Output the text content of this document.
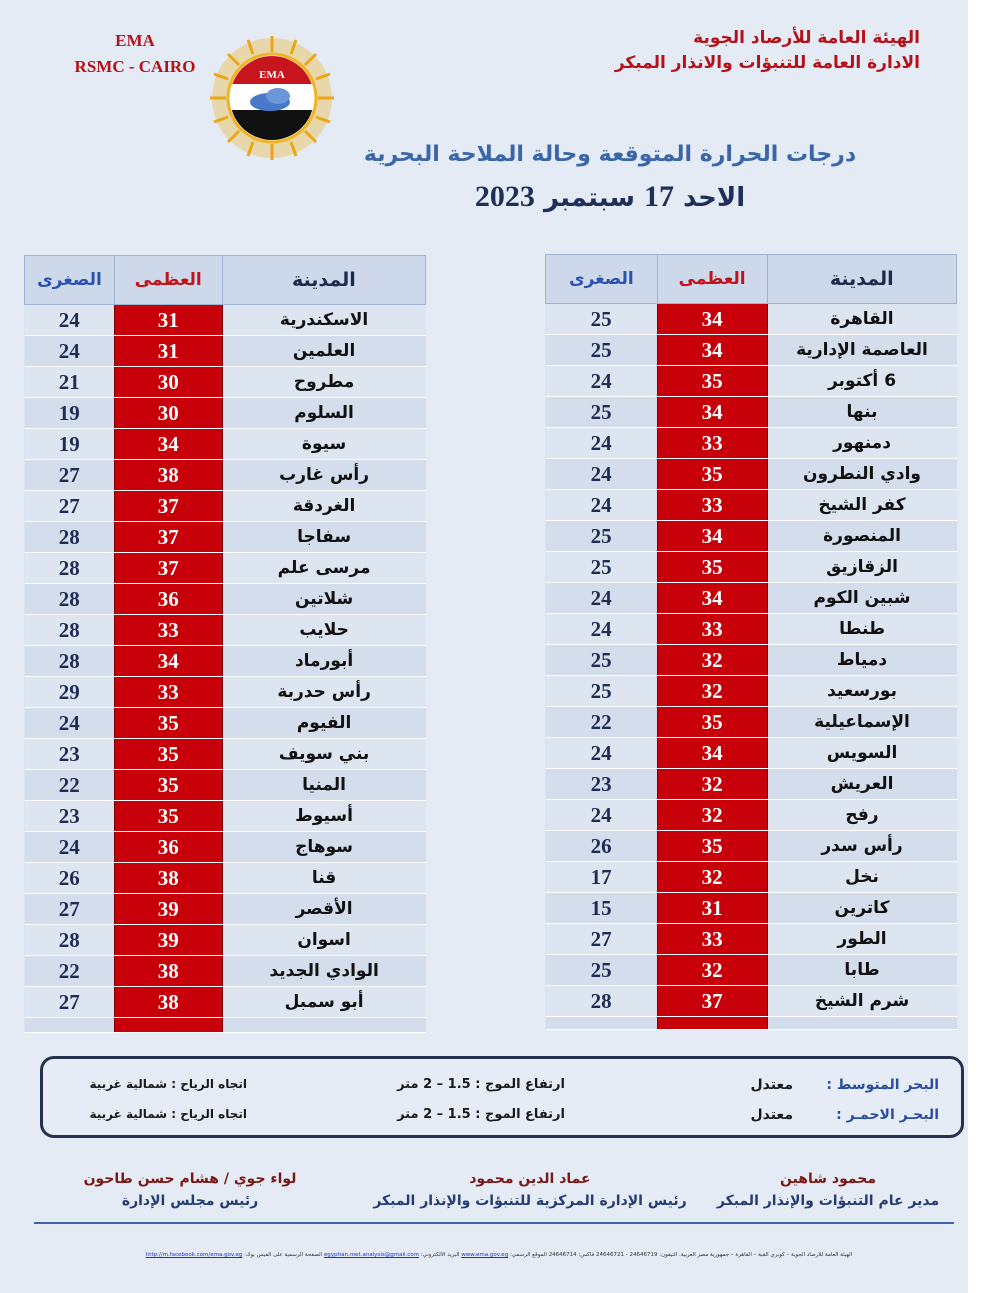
EMA
RSMC - CAIRO	EMA
الهيئة العامة للأرصاد الجوية
الادارة العامة للتنبؤات والانذار المبكر
درجات الحرارة المتوقعة وحالة الملاحة البحرية
الاحد 17 سبتمبر 2023
المدينة	العظمى	الصغرى
القاهرة	34	25
العاصمة الإدارية	34	25
6 أكتوبر	35	24
بنها	34	25
دمنهور	33	24
وادي النطرون	35	24
كفر الشيخ	33	24
المنصورة	34	25
الزقازيق	35	25
شبين الكوم	34	24
طنطا	33	24
دمياط	32	25
بورسعيد	32	25
الإسماعيلية	35	22
السويس	34	24
العريش	32	23
رفح	32	24
رأس سدر	35	26
نخل	32	17
كاترين	31	15
الطور	33	27
طابا	32	25
شرم الشيخ	37	28

المدينة	العظمى	الصغرى
الاسكندرية	31	24
العلمين	31	24
مطروح	30	21
السلوم	30	19
سيوة	34	19
رأس غارب	38	27
الغردقة	37	27
سفاجا	37	28
مرسى علم	37	28
شلاتين	36	28
حلايب	33	28
أبورماد	34	28
رأس حدربة	33	29
الفيوم	35	24
بني سويف	35	23
المنيا	35	22
أسيوط	35	23
سوهاج	36	24
قنا	38	26
الأقصر	39	27
اسوان	39	28
الوادي الجديد	38	22
أبو سمبل	38	27

البحر المتوسط :
معتدل
ارتفاع الموج : 1.5 – 2 متر
اتجاه الرياح : شمالية غربية
البحـر الاحمـر :
معتدل
ارتفاع الموج : 1.5 – 2 متر
اتجاه الرياح : شمالية غربية
محمود شاهين
مدير عام التنبؤات والإنذار المبكر
عماد الدين محمود
رئيس الإدارة المركزية للتنبؤات والإنذار المبكر
لواء جوي / هشام حسن طاحون
رئيس مجلس الإدارة
الهيئة العامة للأرصاد الجوية – كوبري القبة – القاهرة – جمهورية مصر العربية. التيفون: 24646719 - 24646721 فاكس: 24646714 الموقع الرسمي: www.ema.gov.eg البريد الالكتروني: egyptian.met.analysis@gmail.com الصفحة الرسمية على الفيس بوك: http://m.facebook.com/ema.gov.eg
